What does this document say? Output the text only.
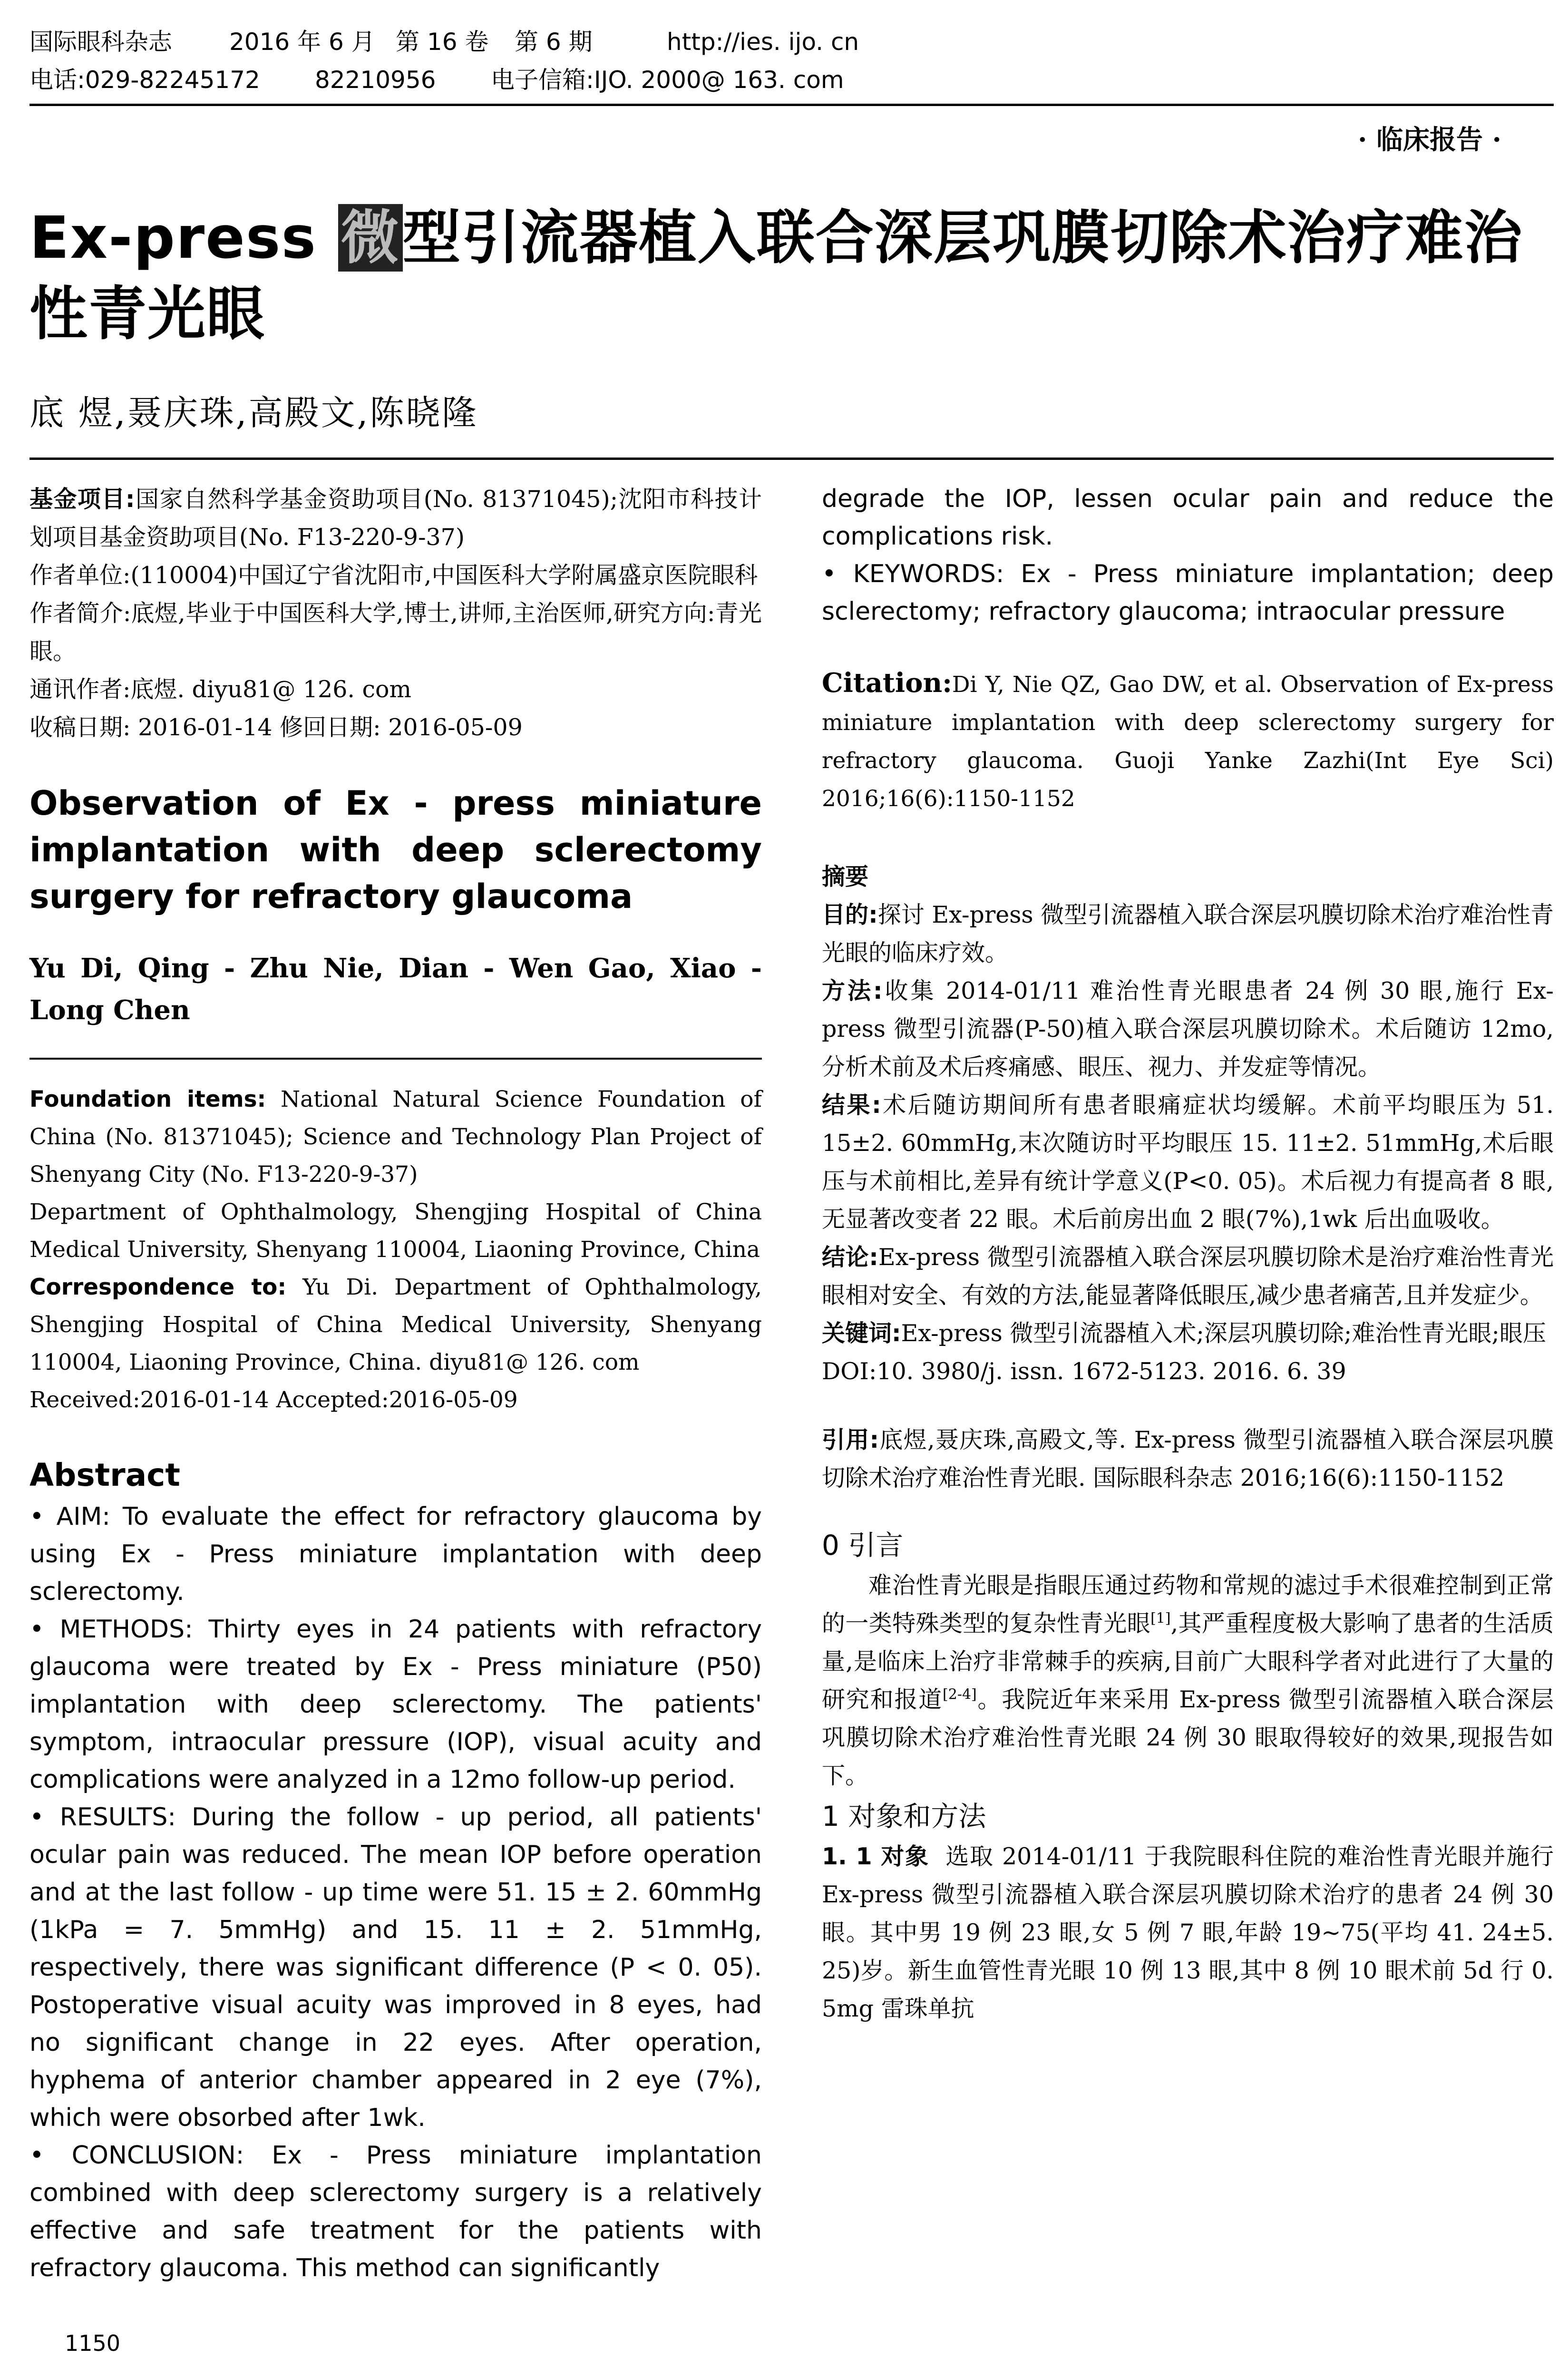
国际眼科杂志	2016 年 6 月 第 16 卷	第 6 期	http://ies. ijo. cn
电话:029-82245172	82210956	电子信箱:IJO. 2000@ 163. com
· 临床报告 ·
Ex-press 微型引流器植入联合深层巩膜切除术治疗难治性青光眼
底 煜,聂庆珠,高殿文,陈晓隆

基金项目:国家自然科学基金资助项目(No. 81371045);沈阳市科技计划项目基金资助项目(No. F13-220-9-37)

作者单位:(110004)中国辽宁省沈阳市,中国医科大学附属盛京医院眼科

作者简介:底煜,毕业于中国医科大学,博士,讲师,主治医师,研究方向:青光眼。

通讯作者:底煜. diyu81@ 126. com

收稿日期: 2016-01-14 修回日期: 2016-05-09

Observation of Ex - press miniature implantation with deep sclerectomy surgery for refractory glaucoma

Yu Di, Qing - Zhu Nie, Dian - Wen Gao, Xiao - Long Chen

Foundation items: National Natural Science Foundation of China (No. 81371045); Science and Technology Plan Project of Shenyang City (No. F13-220-9-37)

Department of Ophthalmology, Shengjing Hospital of China Medical University, Shenyang 110004, Liaoning Province, China

Correspondence to: Yu Di. Department of Ophthalmology, Shengjing Hospital of China Medical University, Shenyang 110004, Liaoning Province, China. diyu81@ 126. com

Received:2016-01-14 Accepted:2016-05-09

Abstract

• AIM: To evaluate the effect for refractory glaucoma by using Ex - Press miniature implantation with deep sclerectomy.

• METHODS: Thirty eyes in 24 patients with refractory glaucoma were treated by Ex - Press miniature (P50) implantation with deep sclerectomy. The patients' symptom, intraocular pressure (IOP), visual acuity and complications were analyzed in a 12mo follow-up period.

• RESULTS: During the follow - up period, all patients' ocular pain was reduced. The mean IOP before operation and at the last follow - up time were 51. 15 ± 2. 60mmHg (1kPa = 7. 5mmHg) and 15. 11 ± 2. 51mmHg, respectively, there was significant difference (P < 0. 05). Postoperative visual acuity was improved in 8 eyes, had no significant change in 22 eyes. After operation, hyphema of anterior chamber appeared in 2 eye (7%), which were obsorbed after 1wk.

• CONCLUSION: Ex - Press miniature implantation combined with deep sclerectomy surgery is a relatively effective and safe treatment for the patients with refractory glaucoma. This method can significantly

degrade the IOP, lessen ocular pain and reduce the complications risk.

• KEYWORDS: Ex - Press miniature implantation; deep sclerectomy; refractory glaucoma; intraocular pressure

Citation:Di Y, Nie QZ, Gao DW, et al. Observation of Ex-press miniature implantation with deep sclerectomy surgery for refractory glaucoma. Guoji Yanke Zazhi(Int Eye Sci) 2016;16(6):1150-1152

摘要

目的:探讨 Ex-press 微型引流器植入联合深层巩膜切除术治疗难治性青光眼的临床疗效。

方法:收集 2014-01/11 难治性青光眼患者 24 例 30 眼,施行 Ex-press 微型引流器(P-50)植入联合深层巩膜切除术。术后随访 12mo,分析术前及术后疼痛感、眼压、视力、并发症等情况。

结果:术后随访期间所有患者眼痛症状均缓解。术前平均眼压为 51. 15±2. 60mmHg,末次随访时平均眼压 15. 11±2. 51mmHg,术后眼压与术前相比,差异有统计学意义(P<0. 05)。术后视力有提高者 8 眼,无显著改变者 22 眼。术后前房出血 2 眼(7%),1wk 后出血吸收。

结论:Ex-press 微型引流器植入联合深层巩膜切除术是治疗难治性青光眼相对安全、有效的方法,能显著降低眼压,减少患者痛苦,且并发症少。

关键词:Ex-press 微型引流器植入术;深层巩膜切除;难治性青光眼;眼压

DOI:10. 3980/j. issn. 1672-5123. 2016. 6. 39

引用:底煜,聂庆珠,高殿文,等. Ex-press 微型引流器植入联合深层巩膜切除术治疗难治性青光眼. 国际眼科杂志 2016;16(6):1150-1152

0 引言

难治性青光眼是指眼压通过药物和常规的滤过手术很难控制到正常的一类特殊类型的复杂性青光眼[1],其严重程度极大影响了患者的生活质量,是临床上治疗非常棘手的疾病,目前广大眼科学者对此进行了大量的研究和报道[2-4]。我院近年来采用 Ex-press 微型引流器植入联合深层巩膜切除术治疗难治性青光眼 24 例 30 眼取得较好的效果,现报告如下。

1 对象和方法

1. 1 对象  选取 2014-01/11 于我院眼科住院的难治性青光眼并施行 Ex-press 微型引流器植入联合深层巩膜切除术治疗的患者 24 例 30 眼。其中男 19 例 23 眼,女 5 例 7 眼,年龄 19~75(平均 41. 24±5. 25)岁。新生血管性青光眼 10 例 13 眼,其中 8 例 10 眼术前 5d 行 0. 5mg 雷珠单抗

1150
